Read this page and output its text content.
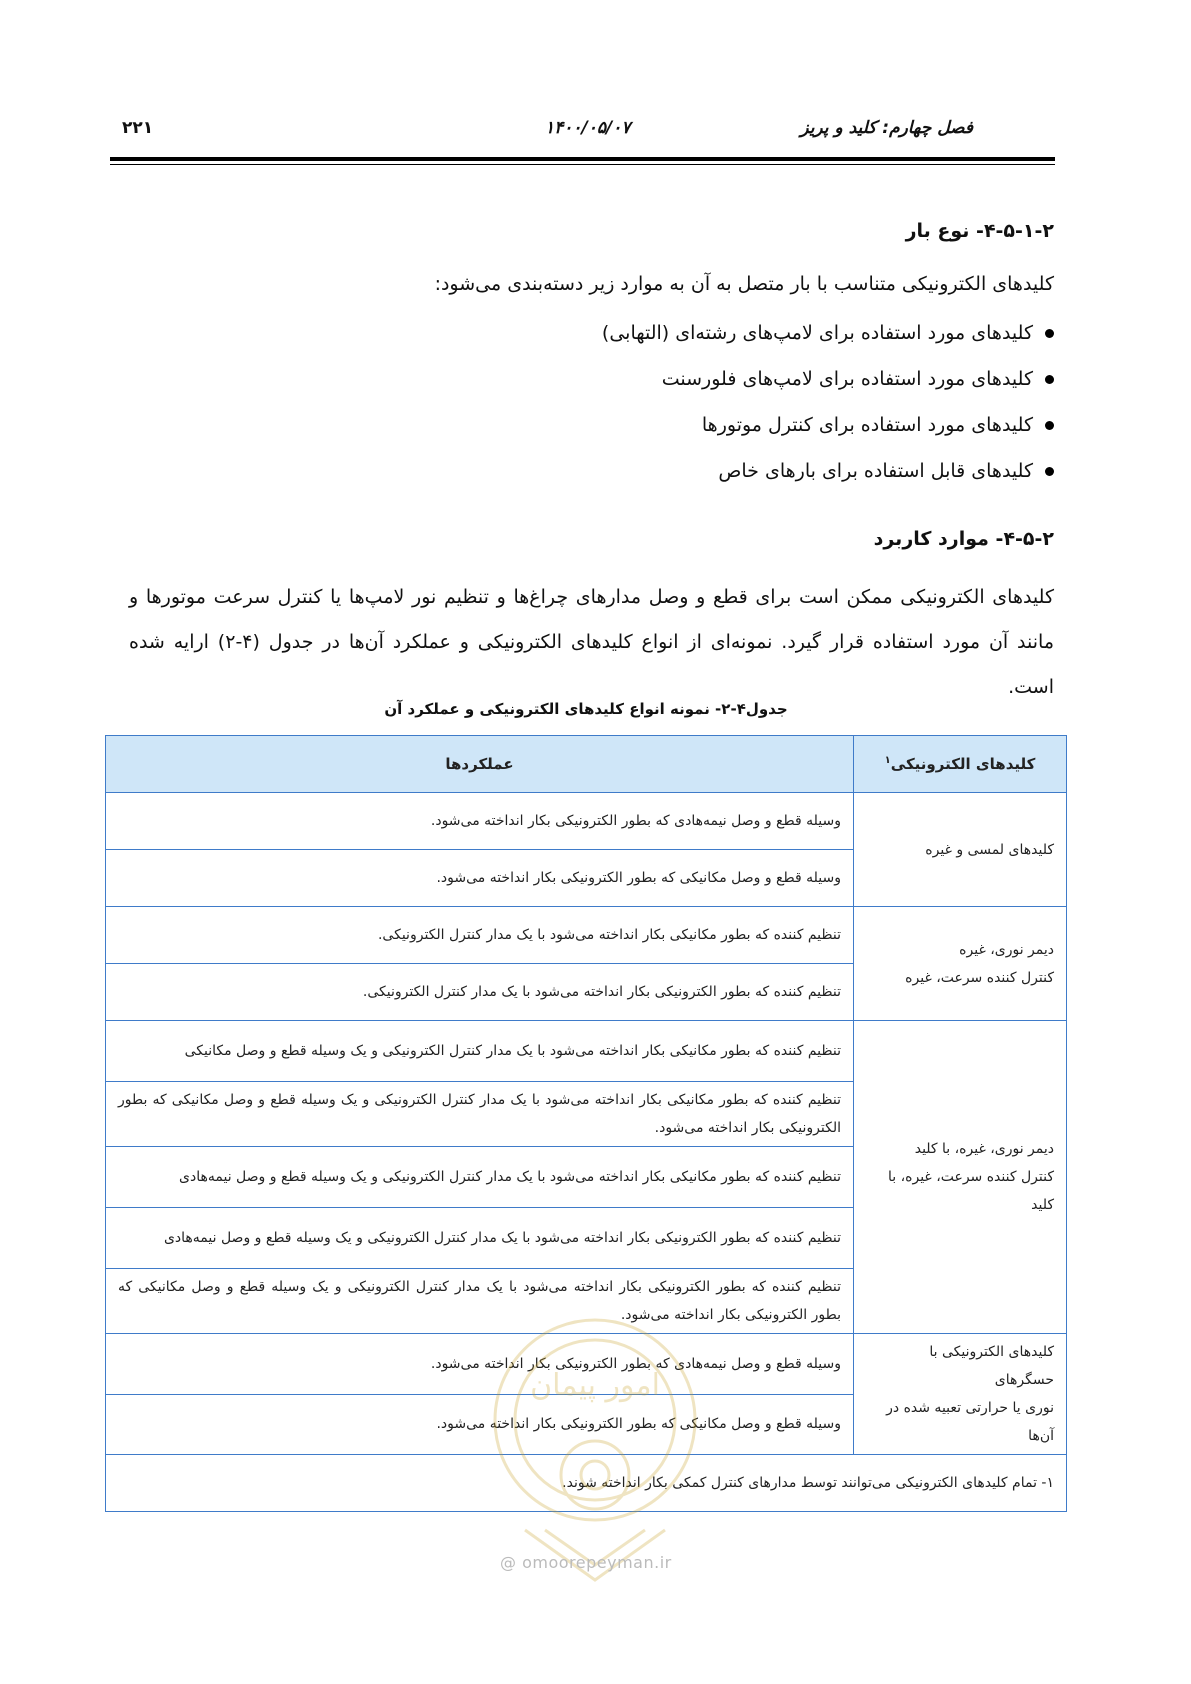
فصل چهارم: کلید و پریز
۱۴۰۰/۰۵/۰۷
۲۲۱
۴-۵-۱-۲- نوع بار
کلیدهای الکترونیکی متناسب با بار متصل به آن به موارد زیر دسته‌بندی می‌شود:
کلیدهای مورد استفاده برای لامپ‌های رشته‌ای (التهابی)
کلیدهای مورد استفاده برای لامپ‌های فلورسنت
کلیدهای مورد استفاده برای کنترل موتورها
کلیدهای قابل استفاده برای بارهای خاص
۴-۵-۲- موارد کاربرد
کلیدهای الکترونیکی ممکن است برای قطع و وصل مدارهای چراغ‌ها و تنظیم نور لامپ‌ها یا کنترل سرعت موتورها و مانند آن مورد استفاده قرار گیرد. نمونه‌ای از انواع کلیدهای الکترونیکی و عملکرد آن‌ها در جدول (۴-۲) ارایه شده است.
جدول۴-۲- نمونه انواع کلیدهای الکترونیکی و عملکرد آن
کلیدهای الکترونیکی$^۱$	عملکردها
کلیدهای لمسی و غیره	وسیله قطع و وصل نیمه‌هادی که بطور الکترونیکی بکار انداخته می‌شود.
	وسیله قطع و وصل مکانیکی که بطور الکترونیکی بکار انداخته می‌شود.
دیمر نوری، غیره
کنترل کننده سرعت، غیره	تنظیم کننده که بطور مکانیکی بکار انداخته می‌شود با یک مدار کنترل الکترونیکی.
	تنظیم کننده که بطور الکترونیکی بکار انداخته می‌شود با یک مدار کنترل الکترونیکی.
دیمر نوری، غیره، با کلید
کنترل کننده سرعت، غیره، با کلید	تنظیم کننده که بطور مکانیکی بکار انداخته می‌شود با یک مدار کنترل الکترونیکی و یک وسیله قطع و وصل مکانیکی
	تنظیم کننده که بطور مکانیکی بکار انداخته می‌شود با یک مدار کنترل الکترونیکی و یک وسیله قطع و وصل مکانیکی که بطور الکترونیکی بکار انداخته می‌شود.
	تنظیم کننده که بطور مکانیکی بکار انداخته می‌شود با یک مدار کنترل الکترونیکی و یک وسیله قطع و وصل نیمه‌هادی
	تنظیم کننده که بطور الکترونیکی بکار انداخته می‌شود با یک مدار کنترل الکترونیکی و یک وسیله قطع و وصل نیمه‌هادی
	تنظیم کننده که بطور الکترونیکی بکار انداخته می‌شود با یک مدار کنترل الکترونیکی و یک وسیله قطع و وصل مکانیکی که بطور الکترونیکی بکار انداخته می‌شود.
کلیدهای الکترونیکی با حسگرهای
نوری یا حرارتی تعبیه شده در آن‌ها	وسیله قطع و وصل نیمه‌هادی که بطور الکترونیکی بکار انداخته می‌شود.
	وسیله قطع و وصل مکانیکی که بطور الکترونیکی بکار انداخته می‌شود.
۱- تمام کلیدهای الکترونیکی می‌توانند توسط مدارهای کنترل کمکی بکار انداخته شوند.	
امور پیمان
@ omoorepeyman.ir
